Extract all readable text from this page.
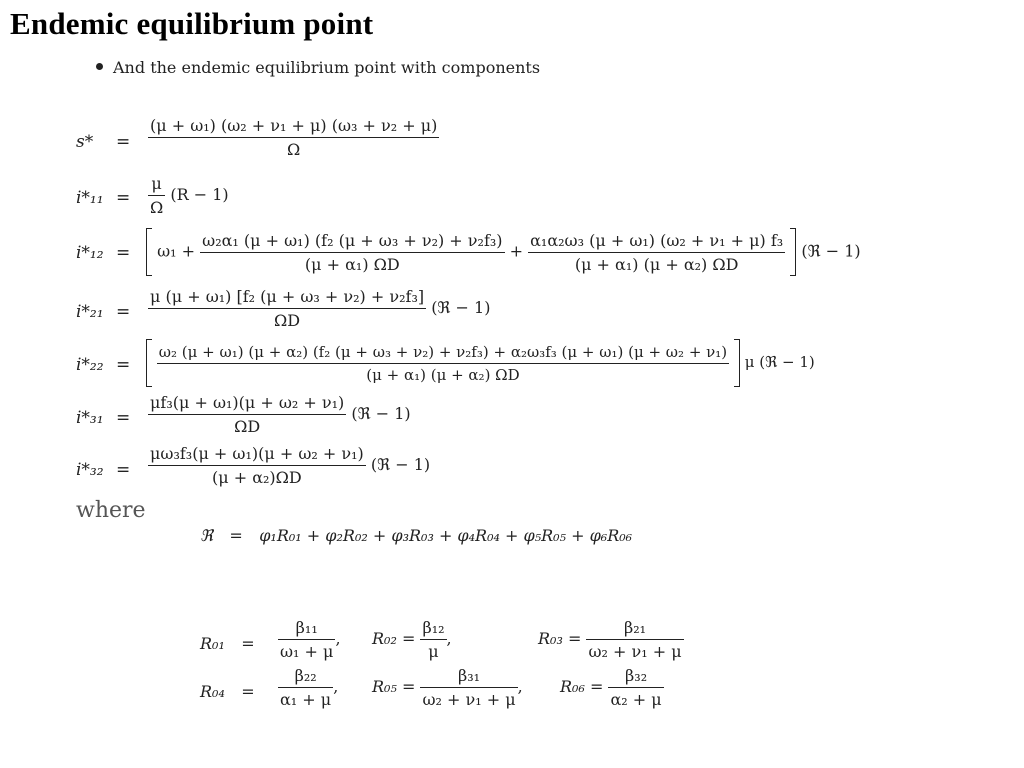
Endemic equilibrium point
And the endemic equilibrium point with components
$s* = \frac{\text{(μ + ω₁) (ω₂ + ν₁ + μ) (ω₃ + ν₂ + μ)}}{\Omega}$
$i*_{11} = \frac{\mu}{\Omega} (R - 1)$
i*₁₂ =	$\omega_1 + \frac{\text{ω₂α₁ (μ + ω₁) (f₂ (μ + ω₃ + ν₂) + ν₂f₃)}}{\text{(μ + α₁) ΩD}} + \frac{\text{α₁α₂ω₃ (μ + ω₁) (ω₂ + ν₁ + μ) f₃}}{\text{(μ + α₁) (μ + α₂) ΩD}}$ (ℜ − 1)
$i*_{21} = \frac{\text{μ (μ + ω₁) [f₂ (μ + ω₃ + ν₂) + ν₂f₃]}}{\Omega D}$ (ℜ − 1)
i*₂₂ =

ω₂ (μ + ω₁) (μ + α₂) (f₂ (μ + ω₃ + ν₂) + ν₂f₃) + α₂ω₃f₃ (μ + ω₁) (μ + ω₂ + ν₁)
(μ + α₁) (μ + α₂) ΩD
μ (ℜ − 1)
$i*_{31} = \frac{\text{μf₃(μ + ω₁)(μ + ω₂ + ν₁)}}{\Omega D}$ (ℜ − 1)
$i*_{32} = \frac{\text{μω₃f₃(μ + ω₁)(μ + ω₂ + ν₁)}}{\text{(μ + α₂)ΩD}}$ (ℜ − 1)
where
ℜ = φ₁R₀₁ + φ₂R₀₂ + φ₃R₀₃ + φ₄R₀₄ + φ₅R₀₅ + φ₆R₀₆
R₀₁ =	$\frac{\text{β₁₁}}{\text{ω₁ + μ}}$ , $R_{02} = \frac{\text{β₁₂}}{\mu}$ ,	$R_{03} = \frac{\text{β₂₁}}{\text{ω₂ + ν₁ + μ}}$
R₀₄ =	$\frac{\text{β₂₂}}{\text{α₁ + μ}}$ , $R_{05} = \frac{\text{β₃₁}}{\text{ω₂ + ν₁ + μ}}$ , $R_{06} = \frac{\text{β₃₂}}{\text{α₂ + μ}}$
